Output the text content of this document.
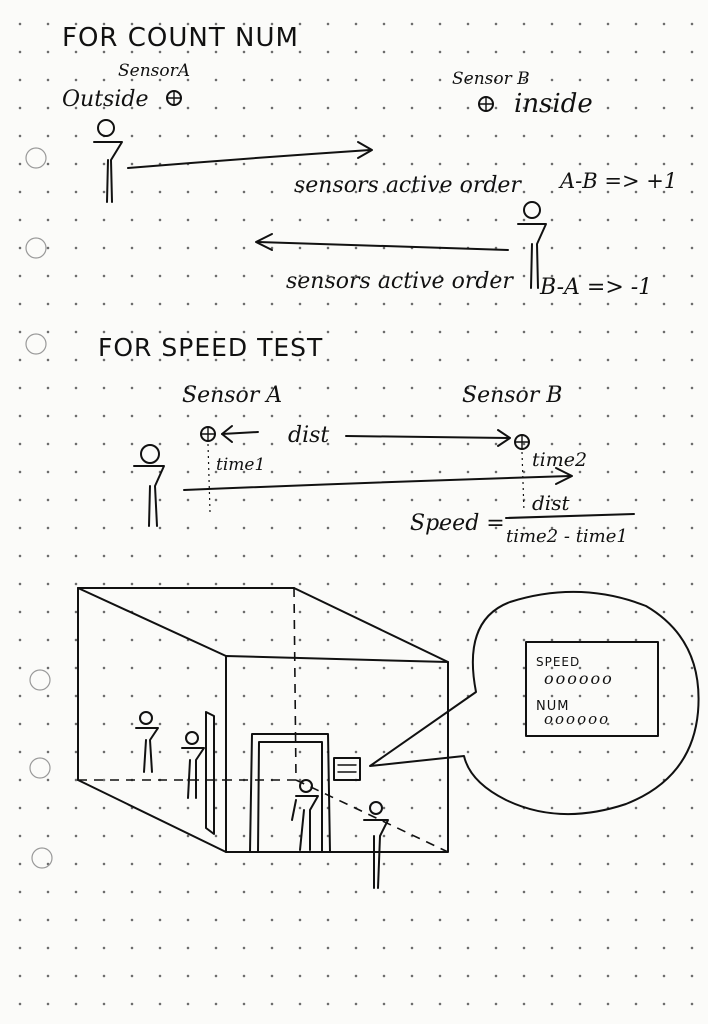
FOR COUNT NUM
SensorA
Outside
Sensor B
inside
sensors active order A-B => +1
sensors active order B-A => -1
FOR SPEED TEST
Sensor A	Sensor B
dist
time1	time2
Speed =
dist
time2 - time1
SPEED
oooooo
NUM
oooooo
